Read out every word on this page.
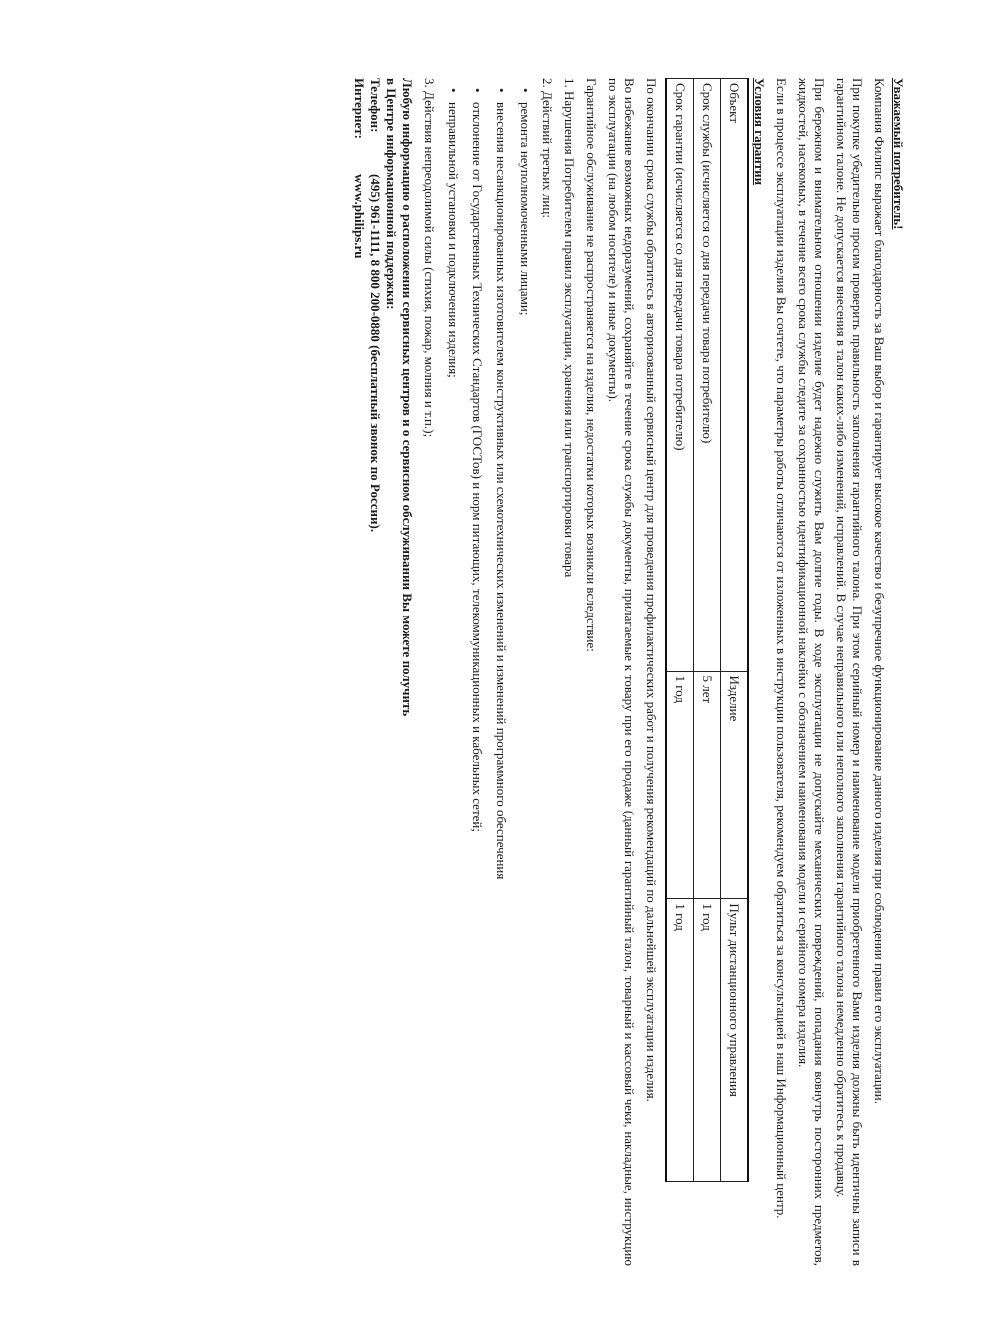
Уважаемый потребитель!

Компания Филипс выражает благодарность за Ваш выбор и гарантирует высокое качество и безупречное функционирование данного изделия при соблюдении правил его эксплуатации.

При покупке убедительно просим проверить правильность заполнения гарантийного талона. При этом серийный номер и наименование модели приобретенного Вами изделия должны быть идентичны записи в гарантийном талоне. Не допускается внесения в талон каких-либо изменений, исправлений. В случае неправильного или неполного заполнения гарантийного талона немедленно обратитесь к продавцу.

При бережном и внимательном отношении изделие будет надежно служить Вам долгие годы. В ходе эксплуатации не допускайте механических повреждений, попадания вовнутрь посторонних предметов, жидкостей, насекомых, в течение всего срока службы следите за сохранностью идентификационной наклейки с обозначением наименования модели и серийного номера изделия.

Если в процессе эксплуатации изделия Вы сочтете, что параметры работы отличаются от изложенных в инструкции пользователя, рекомендуем обратиться за консультацией в наш Информационный центр.

Условия гарантии
Объект	Изделие	Пульт дистанционного управления
Срок службы (исчисляется со дня передачи товара потребителю)	5 лет	1 год
Срок гарантии (исчисляется со дня передачи товара потребителю)	1 год	1 год

По окончании срока службы обратитесь в авторизованный сервисный центр для проведения профилактических работ и получения рекомендаций по дальнейшей эксплуатации изделия.

Во избежание возможных недоразумений, сохраняйте в течение срока службы документы, прилагаемые к товару при его продаже (данный гарантийный талон, товарный и кассовый чеки, накладные, инструкцию по эксплуатации (на любом носителе) и иные документы).

Гарантийное обслуживание не распространяется на изделия, недостатки которых возникли вследствие:

1. Нарушения Потребителем правил эксплуатации, хранения или транспортировки товара
2. Действий третьих лиц:
•
ремонта неуполномоченными лицами;
•
внесения несанкционированных изготовителем конструктивных или схемотехнических изменений и изменений программного обеспечения
•
отклонение от Государственных Технических Стандартов (ГОСТов) и норм питающих, телекоммуникационных и кабельных сетей;
•
неправильной установки и подключения изделия;
3. Действия непреодолимой силы (стихия, пожар, молния и т.п.);
Любую информацию о расположении сервисных центров и о сервисном обслуживании Вы можете получить
в Центре информационной поддержки:
Телефон:(495) 961-1111, 8 800 200-0880 (бесплатный звонок по России).
Интернет:www.philips.ru
